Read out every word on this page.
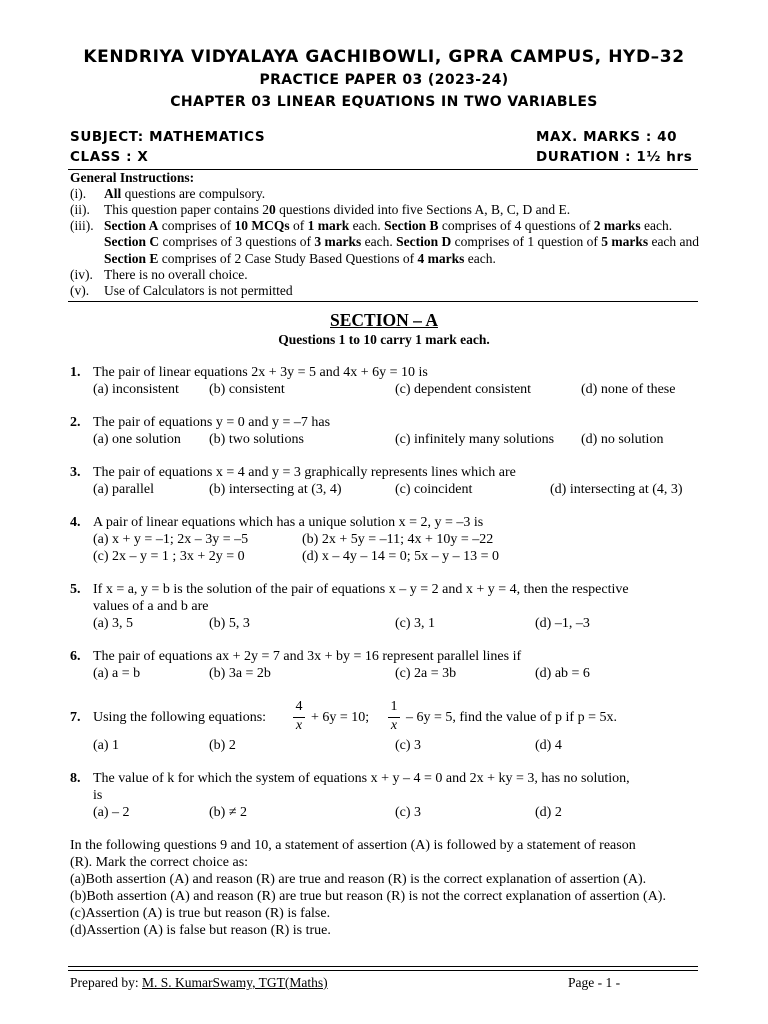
KENDRIYA VIDYALAYA GACHIBOWLI, GPRA CAMPUS, HYD–32
PRACTICE PAPER 03 (2023-24)
CHAPTER 03 LINEAR EQUATIONS IN TWO VARIABLES
SUBJECT: MATHEMATICS	MAX. MARKS : 40
CLASS : X	DURATION : 1½ hrs
General Instructions:
(i). All questions are compulsory.
(ii). This question paper contains 20 questions divided into five Sections A, B, C, D and E.
(iii). Section A comprises of 10 MCQs of 1 mark each. Section B comprises of 4 questions of 2 marks each. Section C comprises of 3 questions of 3 marks each. Section D comprises of 1 question of 5 marks each and Section E comprises of 2 Case Study Based Questions of 4 marks each.
(iv). There is no overall choice.
(v). Use of Calculators is not permitted
SECTION – A
Questions 1 to 10 carry 1 mark each.
1. The pair of linear equations 2x + 3y = 5 and 4x + 6y = 10 is
(a) inconsistent (b) consistent	(c) dependent consistent	(d) none of these
2. The pair of equations y = 0 and y = –7 has
(a) one solution (b) two solutions	(c) infinitely many solutions (d) no solution
3. The pair of equations x = 4 and y = 3 graphically represents lines which are
(a) parallel	(b) intersecting at (3, 4)	(c) coincident	(d) intersecting at (4, 3)
4. A pair of linear equations which has a unique solution x = 2, y = –3 is
(a) x + y = –1; 2x – 3y = –5	(b) 2x + 5y = –11; 4x + 10y = –22
(c) 2x – y = 1 ; 3x + 2y = 0	(d) x – 4y – 14 = 0; 5x – y – 13 = 0
5. If x = a, y = b is the solution of the pair of equations x – y = 2 and x + y = 4, then the respective
values of a and b are
(a) 3, 5	(b) 5, 3	(c) 3, 1	(d) –1, –3
6. The pair of equations ax + 2y = 7 and 3x + by = 16 represent parallel lines if
(a) a = b	(b) 3a = 2b	(c) 2a = 3b	(d) ab = 6
7. Using the following equations:
4
x
+ 6y = 10;
1
x
– 6y = 5, find the value of p if p = 5x.
(a) 1	(b) 2	(c) 3	(d) 4
8. The value of k for which the system of equations x + y – 4 = 0 and 2x + ky = 3, has no solution,
is
(a) – 2	(b) ≠ 2	(c) 3	(d) 2
In the following questions 9 and 10, a statement of assertion (A) is followed by a statement of reason
(R). Mark the correct choice as:
(a)Both assertion (A) and reason (R) are true and reason (R) is the correct explanation of assertion (A).
(b)Both assertion (A) and reason (R) are true but reason (R) is not the correct explanation of assertion (A).
(c)Assertion (A) is true but reason (R) is false.
(d)Assertion (A) is false but reason (R) is true.
Prepared by: M. S. KumarSwamy, TGT(Maths)	Page - 1 -
